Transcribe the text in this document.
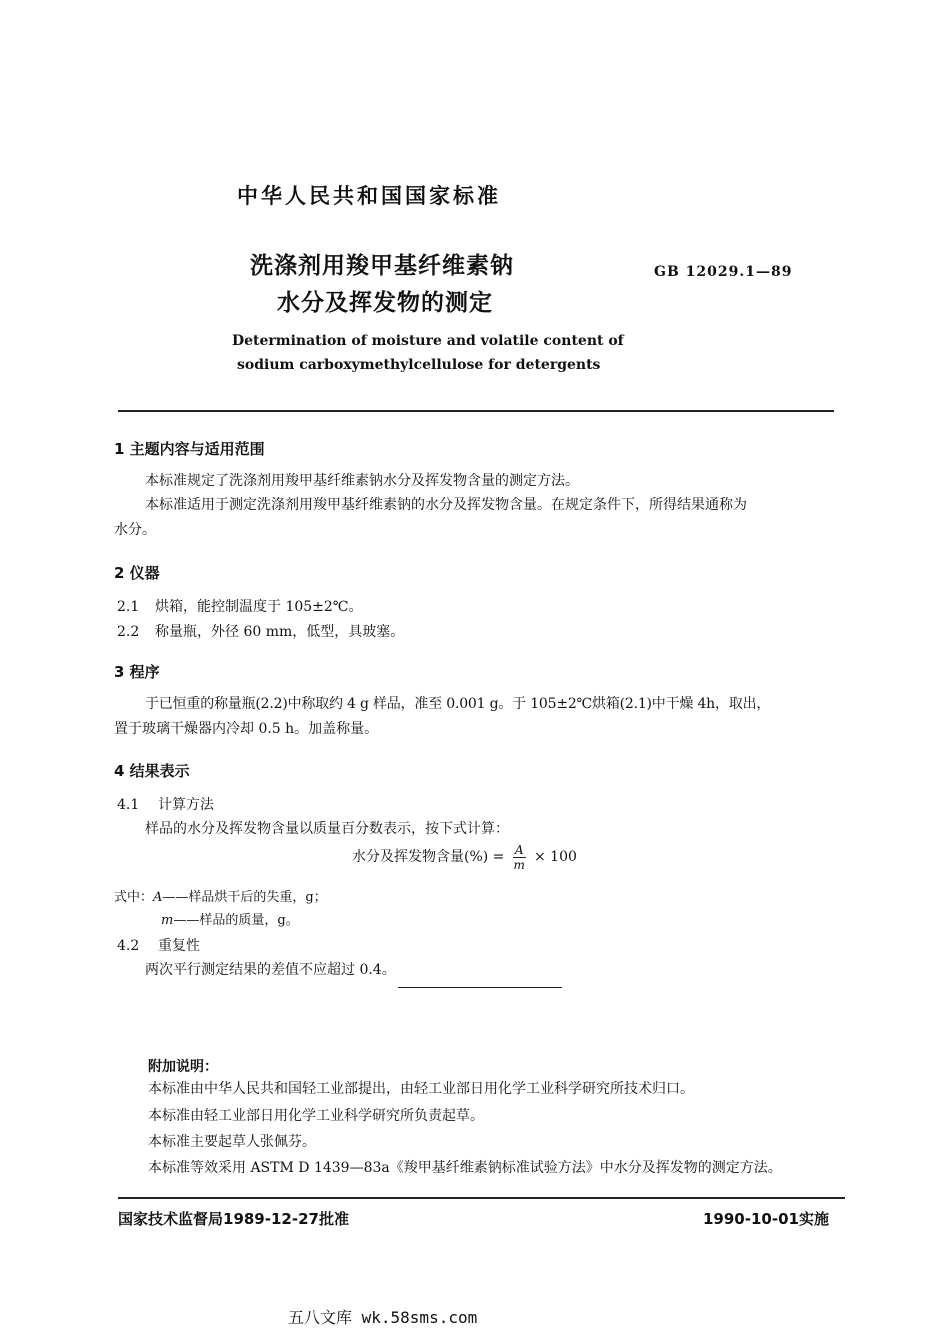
中华人民共和国国家标准
洗涤剂用羧甲基纤维素钠
水分及挥发物的测定
GB 12029.1—89
Determination of moisture and volatile content of
sodium carboxymethylcellulose for detergents
1 主题内容与适用范围
本标准规定了洗涤剂用羧甲基纤维素钠水分及挥发物含量的测定方法。
本标准适用于测定洗涤剂用羧甲基纤维素钠的水分及挥发物含量。在规定条件下，所得结果通称为
水分。
2 仪器
2.1 烘箱，能控制温度于 105±2℃。
2.2 称量瓶，外径 60 mm，低型，具玻塞。
3 程序
于已恒重的称量瓶(2.2)中称取约 4 g 样品，准至 0.001 g。于 105±2℃烘箱(2.1)中干燥 4h，取出，
置于玻璃干燥器内冷却 0.5 h。加盖称量。
4 结果表示
4.1 计算方法
样品的水分及挥发物含量以质量百分数表示，按下式计算：
水分及挥发物含量(%) = $\frac{A}{m} \times 100$
式中：A——样品烘干后的失重，g；
m——样品的质量，g。
4.2 重复性
两次平行测定结果的差值不应超过 0.4。
附加说明：
本标准由中华人民共和国轻工业部提出，由轻工业部日用化学工业科学研究所技术归口。
本标准由轻工业部日用化学工业科学研究所负责起草。
本标准主要起草人张佩芬。
本标准等效采用 ASTM D 1439—83a《羧甲基纤维素钠标准试验方法》中水分及挥发物的测定方法。
国家技术监督局1989-12-27批准	1990-10-01实施
五八文库 wk.58sms.com
